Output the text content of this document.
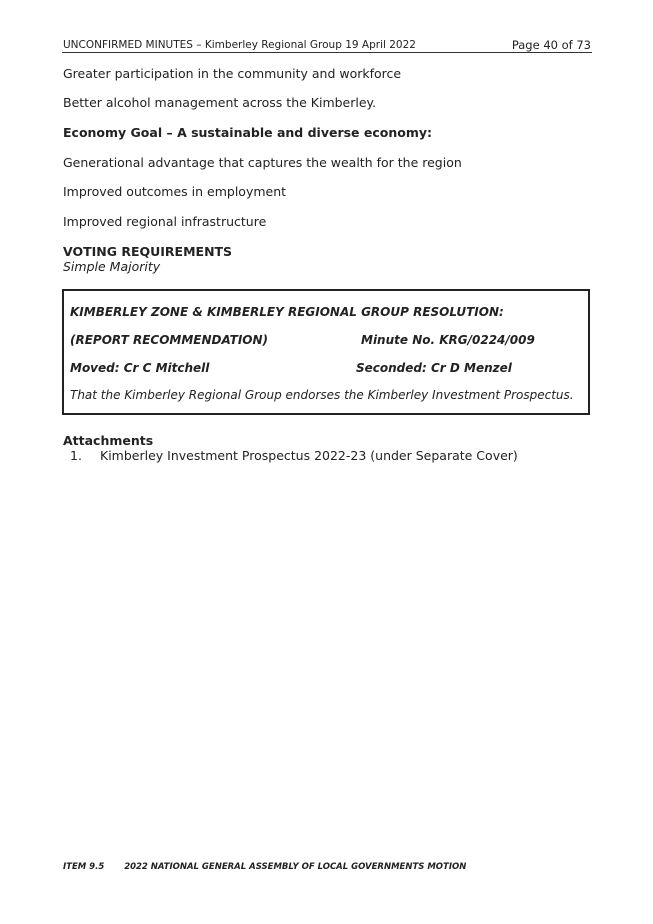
UNCONFIRMED MINUTES – Kimberley Regional Group 19 April 2022	Page 40 of 73
Greater participation in the community and workforce
Better alcohol management across the Kimberley.
Economy Goal – A sustainable and diverse economy:
Generational advantage that captures the wealth for the region
Improved outcomes in employment
Improved regional infrastructure
VOTING REQUIREMENTS
Simple Majority
KIMBERLEY ZONE & KIMBERLEY REGIONAL GROUP RESOLUTION:
(REPORT RECOMMENDATION)	Minute No. KRG/0224/009
Moved: Cr C Mitchell	Seconded: Cr D Menzel
That the Kimberley Regional Group endorses the Kimberley Investment Prospectus.
Attachments
1. Kimberley Investment Prospectus 2022-23 (under Separate Cover)
ITEM 9.5 2022 NATIONAL GENERAL ASSEMBLY OF LOCAL GOVERNMENTS MOTION
